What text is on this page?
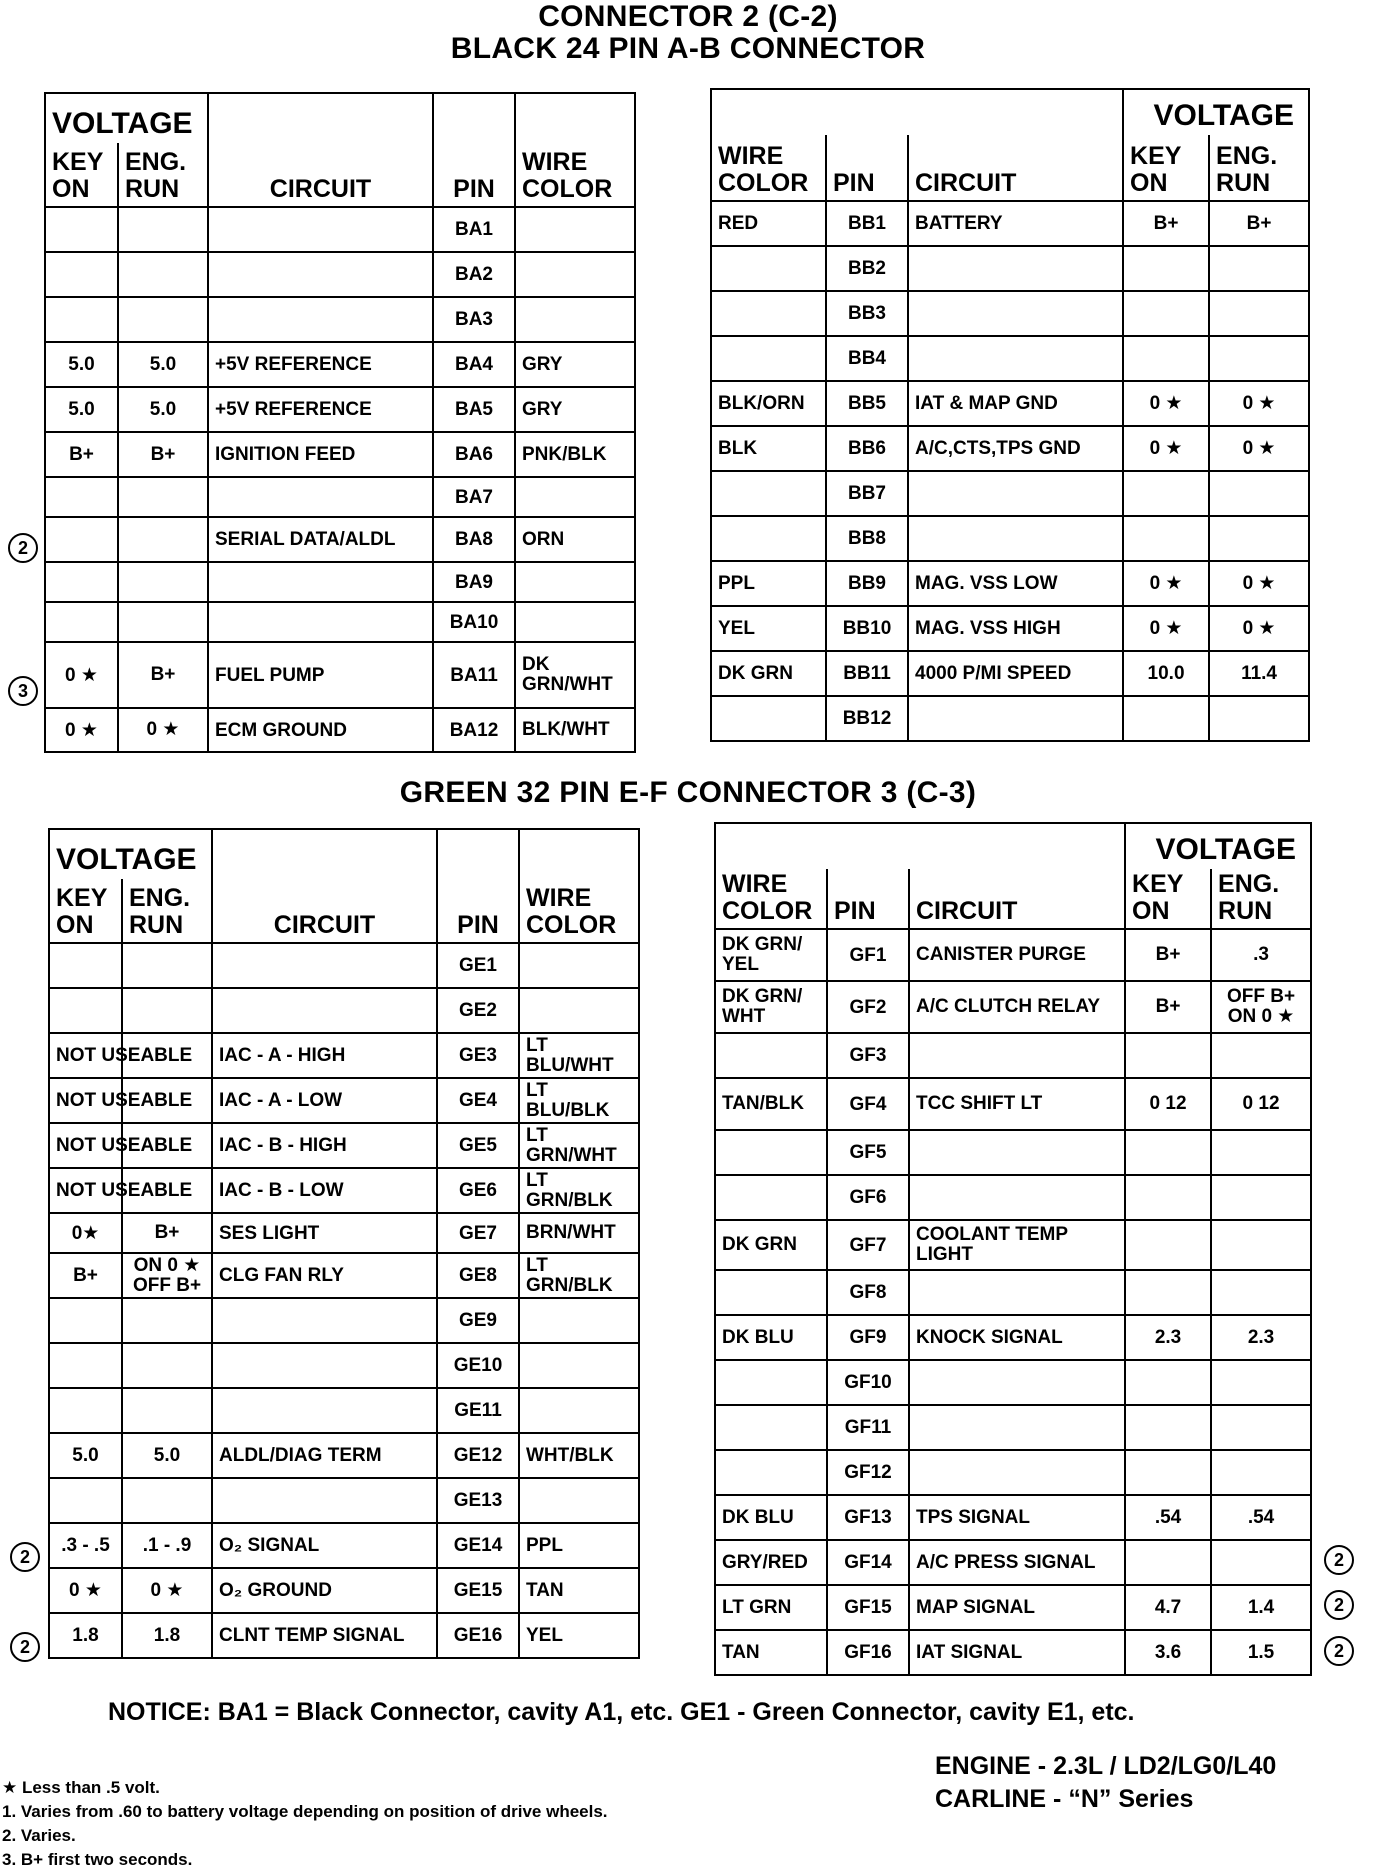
CONNECTOR 2 (C-2)
BLACK 24 PIN A-B CONNECTOR
VOLTAGE		CIRCUIT	PIN	WIRE COLOR
KEY ON	ENG. RUN			
			BA1	
			BA2	
			BA3	
5.0	5.0	+5V REFERENCE	BA4	GRY
5.0	5.0	+5V REFERENCE	BA5	GRY
B+	B+	IGNITION FEED	BA6	PNK/BLK
			BA7	
		SERIAL DATA/ALDL	BA8	ORN
			BA9	
			BA10	
0 ★	B+	FUEL PUMP	BA11	DK GRN/WHT
0 ★	0 ★	ECM GROUND	BA12	BLK/WHT
			VOLTAGE	
WIRE COLOR	PIN	CIRCUIT	KEY ON	ENG. RUN
RED	BB1	BATTERY	B+	B+
	BB2			
	BB3			
	BB4			
BLK/ORN	BB5	IAT & MAP GND	0 ★	0 ★
BLK	BB6	A/C,CTS,TPS GND	0 ★	0 ★
	BB7			
	BB8			
PPL	BB9	MAG. VSS LOW	0 ★	0 ★
YEL	BB10	MAG. VSS HIGH	0 ★	0 ★
DK GRN	BB11	4000 P/MI SPEED	10.0	11.4
	BB12			
GREEN 32 PIN E-F CONNECTOR 3 (C-3)
VOLTAGE		CIRCUIT	PIN	WIRE COLOR
KEY ON	ENG. RUN			
			GE1	
			GE2	
NOT USEABLE		IAC - A - HIGH	GE3	LT BLU/WHT
NOT USEABLE		IAC - A - LOW	GE4	LT BLU/BLK
NOT USEABLE		IAC - B - HIGH	GE5	LT GRN/WHT
NOT USEABLE		IAC - B - LOW	GE6	LT GRN/BLK
0★	B+	SES LIGHT	GE7	BRN/WHT
B+	ON 0 ★ OFF B+	CLG FAN RLY	GE8	LT GRN/BLK
			GE9	
			GE10	
			GE11	
5.0	5.0	ALDL/DIAG TERM	GE12	WHT/BLK
			GE13	
.3 - .5	.1 - .9	O₂ SIGNAL	GE14	PPL
0 ★	0 ★	O₂ GROUND	GE15	TAN
1.8	1.8	CLNT TEMP SIGNAL	GE16	YEL
			VOLTAGE	
WIRE COLOR	PIN	CIRCUIT	KEY ON	ENG. RUN
DK GRN/ YEL	GF1	CANISTER PURGE	B+	.3
DK GRN/ WHT	GF2	A/C CLUTCH RELAY	B+	OFF B+ ON 0 ★
	GF3			
TAN/BLK	GF4	TCC SHIFT LT	0 12	0 12
	GF5			
	GF6			
DK GRN	GF7	COOLANT TEMP LIGHT		
	GF8			
DK BLU	GF9	KNOCK SIGNAL	2.3	2.3
	GF10			
	GF11			
	GF12			
DK BLU	GF13	TPS SIGNAL	.54	.54
GRY/RED	GF14	A/C PRESS SIGNAL		
LT GRN	GF15	MAP SIGNAL	4.7	1.4
TAN	GF16	IAT SIGNAL	3.6	1.5
2
3
2
2
2
2
2
NOTICE: BA1 = Black Connector, cavity A1, etc. GE1 - Green Connector, cavity E1, etc.
★ Less than .5 volt.
1. Varies from .60 to battery voltage depending on position of drive wheels.
2. Varies.
3. B+ first two seconds.
ENGINE - 2.3L / LD2/LG0/L40
CARLINE - “N” Series
